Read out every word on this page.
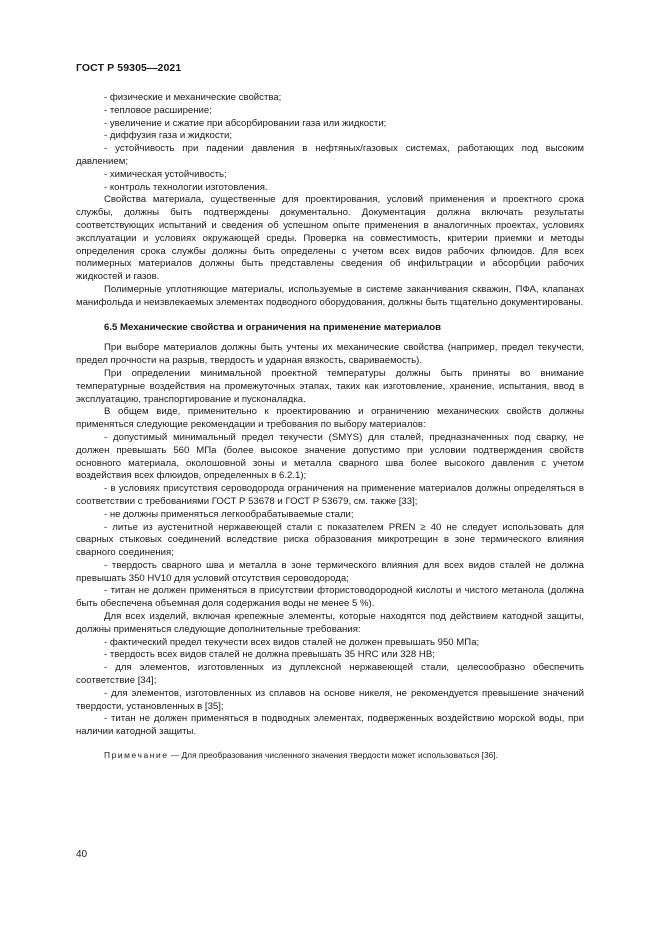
ГОСТ Р 59305—2021

- физические и механические свойства;

- тепловое расширение;

- увеличение и сжатие при абсорбировании газа или жидкости;

- диффузия газа и жидкости;

- устойчивость при падении давления в нефтяных/газовых системах, работающих под высоким давлением;

- химическая устойчивость;

- контроль технологии изготовления.

Свойства материала, существенные для проектирования, условий применения и проектного срока службы, должны быть подтверждены документально. Документация должна включать результаты соответствующих испытаний и сведения об успешном опыте применения в аналогичных проектах, условиях эксплуатации и условиях окружающей среды. Проверка на совместимость, критерии приемки и методы определения срока службы должны быть определены с учетом всех видов рабочих флюидов. Для всех полимерных материалов должны быть представлены сведения об инфильтрации и абсорбции рабочих жидкостей и газов.

Полимерные уплотняющие материалы, используемые в системе заканчивания скважин, ПФА, клапанах манифольда и неизвлекаемых элементах подводного оборудования, должны быть тщательно документированы.

6.5 Механические свойства и ограничения на применение материалов

При выборе материалов должны быть учтены их механические свойства (например, предел текучести, предел прочности на разрыв, твердость и ударная вязкость, свариваемость).

При определении минимальной проектной температуры должны быть приняты во внимание температурные воздействия на промежуточных этапах, таких как изготовление, хранение, испытания, ввод в эксплуатацию, транспортирование и пусконаладка.

В общем виде, применительно к проектированию и ограничению механических свойств должны применяться следующие рекомендации и требования по выбору материалов:

- допустимый минимальный предел текучести (SMYS) для сталей, предназначенных под сварку, не должен превышать 560 МПа (более высокое значение допустимо при условии подтверждения свойств основного материала, околошовной зоны и металла сварного шва более высокого давления с учетом воздействия всех флюидов, определенных в 6.2.1);

- в условиях присутствия сероводорода ограничения на применение материалов должны определяться в соответствии с требованиями ГОСТ Р 53678 и ГОСТ Р 53679, см. также [33];

- не должны применяться легкообрабатываемые стали;

- литье из аустенитной нержавеющей стали с показателем PREN ≥ 40 не следует использовать для сварных стыковых соединений вследствие риска образования микротрещин в зоне термического влияния сварного соединения;

- твердость сварного шва и металла в зоне термического влияния для всех видов сталей не должна превышать 350 HV10 для условий отсутствия сероводорода;

- титан не должен применяться в присутствии фтористоводородной кислоты и чистого метанола (должна быть обеспечена объемная доля содержания воды не менее 5 %).

Для всех изделий, включая крепежные элементы, которые находятся под действием катодной защиты, должны применяться следующие дополнительные требования:

- фактический предел текучести всех видов сталей не должен превышать 950 МПа;

- твердость всех видов сталей не должна превышать 35 HRC или 328 HB;

- для элементов, изготовленных из дуплексной нержавеющей стали, целесообразно обеспечить соответствие [34];

- для элементов, изготовленных из сплавов на основе никеля, не рекомендуется превышение значений твердости, установленных в [35];

- титан не должен применяться в подводных элементах, подверженных воздействию морской воды, при наличии катодной защиты.

Примечание — Для преобразования численного значения твердости может использоваться [36].

40
